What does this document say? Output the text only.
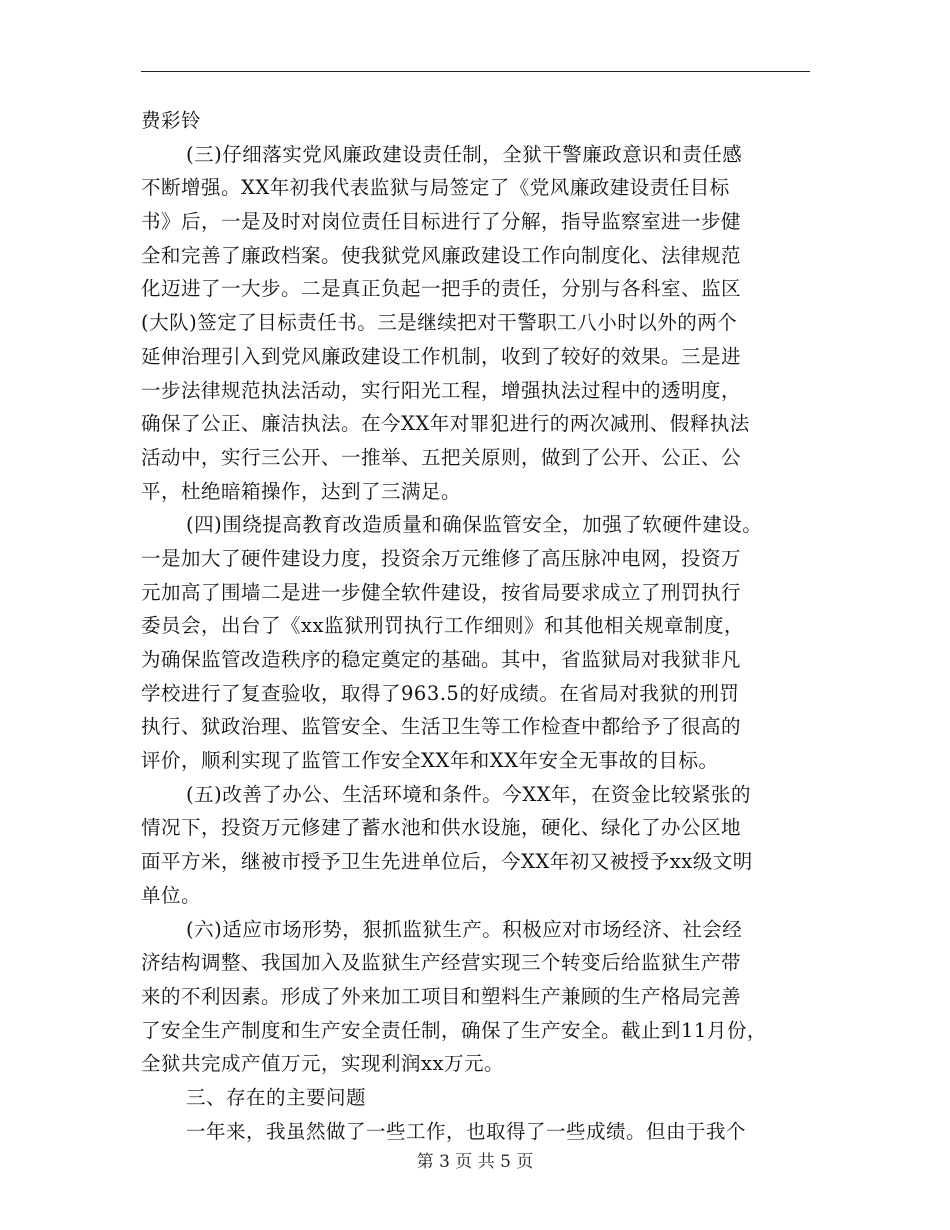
费彩铃
(三)仔细落实党风廉政建设责任制，全狱干警廉政意识和责任感
不断增强。XX年初我代表监狱与局签定了《党风廉政建设责任目标
书》后，一是及时对岗位责任目标进行了分解，指导监察室进一步健
全和完善了廉政档案。使我狱党风廉政建设工作向制度化、法律规范
化迈进了一大步。二是真正负起一把手的责任，分别与各科室、监区
(大队)签定了目标责任书。三是继续把对干警职工八小时以外的两个
延伸治理引入到党风廉政建设工作机制，收到了较好的效果。三是进
一步法律规范执法活动，实行阳光工程，增强执法过程中的透明度，
确保了公正、廉洁执法。在今XX年对罪犯进行的两次减刑、假释执法
活动中，实行三公开、一推举、五把关原则，做到了公开、公正、公
平，杜绝暗箱操作，达到了三满足。
(四)围绕提高教育改造质量和确保监管安全，加强了软硬件建设。
一是加大了硬件建设力度，投资余万元维修了高压脉冲电网，投资万
元加高了围墙二是进一步健全软件建设，按省局要求成立了刑罚执行
委员会，出台了《xx监狱刑罚执行工作细则》和其他相关规章制度，
为确保监管改造秩序的稳定奠定的基础。其中，省监狱局对我狱非凡
学校进行了复查验收，取得了963.5的好成绩。在省局对我狱的刑罚
执行、狱政治理、监管安全、生活卫生等工作检查中都给予了很高的
评价，顺利实现了监管工作安全XX年和XX年安全无事故的目标。
(五)改善了办公、生活环境和条件。今XX年，在资金比较紧张的
情况下，投资万元修建了蓄水池和供水设施，硬化、绿化了办公区地
面平方米，继被市授予卫生先进单位后，今XX年初又被授予xx级文明
单位。
(六)适应市场形势，狠抓监狱生产。积极应对市场经济、社会经
济结构调整、我国加入及监狱生产经营实现三个转变后给监狱生产带
来的不利因素。形成了外来加工项目和塑料生产兼顾的生产格局完善
了安全生产制度和生产安全责任制，确保了生产安全。截止到11月份，
全狱共完成产值万元，实现利润xx万元。
三、存在的主要问题
一年来，我虽然做了一些工作，也取得了一些成绩。但由于我个
第 3 页 共 5 页
